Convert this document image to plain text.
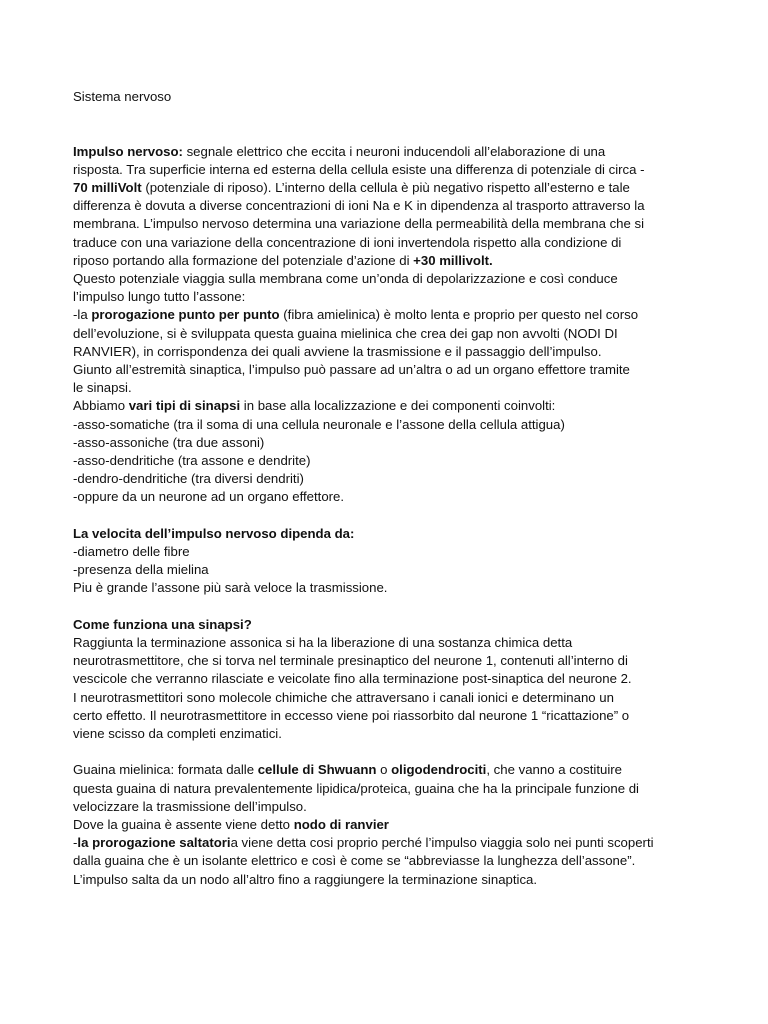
Sistema nervoso

Impulso nervoso: segnale elettrico che eccita i neuroni inducendoli all’elaborazione di una
risposta. Tra superficie interna ed esterna della cellula esiste una differenza di potenziale di circa -
70 milliVolt (potenziale di riposo). L’interno della cellula è più negativo rispetto all’esterno e tale
differenza è dovuta a diverse concentrazioni di ioni Na e K in dipendenza al trasporto attraverso la
membrana. L’impulso nervoso determina una variazione della permeabilità della membrana che si
traduce con una variazione della concentrazione di ioni invertendola rispetto alla condizione di
riposo portando alla formazione del potenziale d’azione di +30 millivolt.
Questo potenziale viaggia sulla membrana come un’onda di depolarizzazione e così conduce
l’impulso lungo tutto l’assone:
-la prorogazione punto per punto (fibra amielinica) è molto lenta e proprio per questo nel corso
dell’evoluzione, si è sviluppata questa guaina mielinica che crea dei gap non avvolti (NODI DI
RANVIER), in corrispondenza dei quali avviene la trasmissione e il passaggio dell’impulso.
Giunto all’estremità sinaptica, l’impulso può passare ad un’altra o ad un organo effettore tramite
le sinapsi.
Abbiamo vari tipi di sinapsi in base alla localizzazione e dei componenti coinvolti:
-asso-somatiche (tra il soma di una cellula neuronale e l’assone della cellula attigua)
-asso-assoniche (tra due assoni)
-asso-dendritiche (tra assone e dendrite)
-dendro-dendritiche (tra diversi dendriti)
-oppure da un neurone ad un organo effettore.
La velocita dell’impulso nervoso dipenda da:
-diametro delle fibre
-presenza della mielina
Piu è grande l’assone più sarà veloce la trasmissione.
Come funziona una sinapsi?
Raggiunta la terminazione assonica si ha la liberazione di una sostanza chimica detta
neurotrasmettitore, che si torva nel terminale presinaptico del neurone 1, contenuti all’interno di
vescicole che verranno rilasciate e veicolate fino alla terminazione post-sinaptica del neurone 2.
I neurotrasmettitori sono molecole chimiche che attraversano i canali ionici e determinano un
certo effetto. Il neurotrasmettitore in eccesso viene poi riassorbito dal neurone 1 “ricattazione” o
viene scisso da completi enzimatici.
Guaina mielinica: formata dalle cellule di Shwuann o oligodendrociti, che vanno a costituire
questa guaina di natura prevalentemente lipidica/proteica, guaina che ha la principale funzione di
velocizzare la trasmissione dell’impulso.
Dove la guaina è assente viene detto nodo di ranvier
-la prorogazione saltatoria viene detta cosi proprio perché l’impulso viaggia solo nei punti scoperti
dalla guaina che è un isolante elettrico e così è come se “abbreviasse la lunghezza dell’assone”.
L’impulso salta da un nodo all’altro fino a raggiungere la terminazione sinaptica.
